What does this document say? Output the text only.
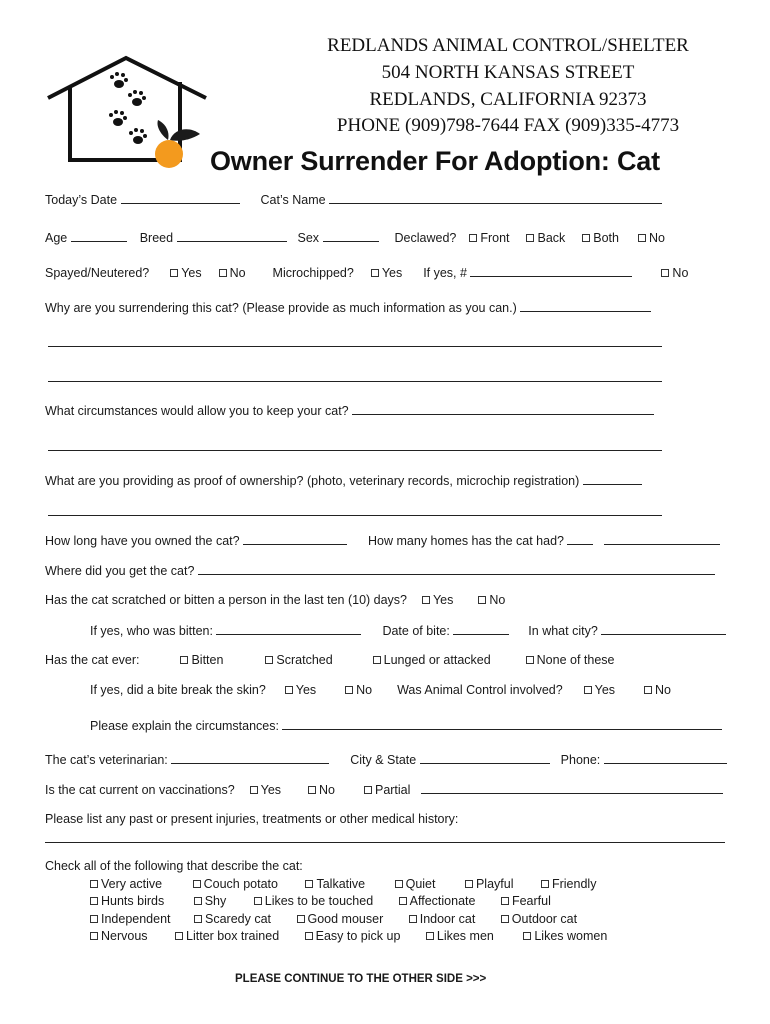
REDLANDS ANIMAL CONTROL/SHELTER
504 NORTH KANSAS STREET
REDLANDS, CALIFORNIA 92373
PHONE (909)798-7644 FAX (909)335-4773
Owner Surrender For Adoption: Cat
Today’s Date	Cat’s Name
Age	Breed	Sex	Declawed? Front Back Both No
Spayed/Neutered?	Yes No Microchipped? Yes If yes, #	No
Why are you surrendering this cat? (Please provide as much information as you can.)
What circumstances would allow you to keep your cat?
What are you providing as proof of ownership? (photo, veterinary records, microchip registration)
How long have you owned the cat?	How many homes has the cat had?
Where did you get the cat?
Has the cat scratched or bitten a person in the last ten (10) days? Yes	No
If yes, who was bitten:	Date of bite:	In what city?
Has the cat ever:	Bitten	Scratched	Lunged or attacked	None of these
If yes, did a bite break the skin? Yes	No Was Animal Control involved?	Yes	No
Please explain the circumstances:
The cat’s veterinarian:	City & State	Phone:
Is the cat current on vaccinations? Yes	No	Partial
Please list any past or present injuries, treatments or other medical history:
Check all of the following that describe the cat:
Very active	Couch potato	Talkative	Quiet	Playful	Friendly
Hunts birds	Shy	Likes to be touched	Affectionate	Fearful
Independent	Scaredy cat	Good mouser	Indoor cat	Outdoor cat
Nervous	Litter box trained	Easy to pick up	Likes men	Likes women
PLEASE CONTINUE TO THE OTHER SIDE >>>
